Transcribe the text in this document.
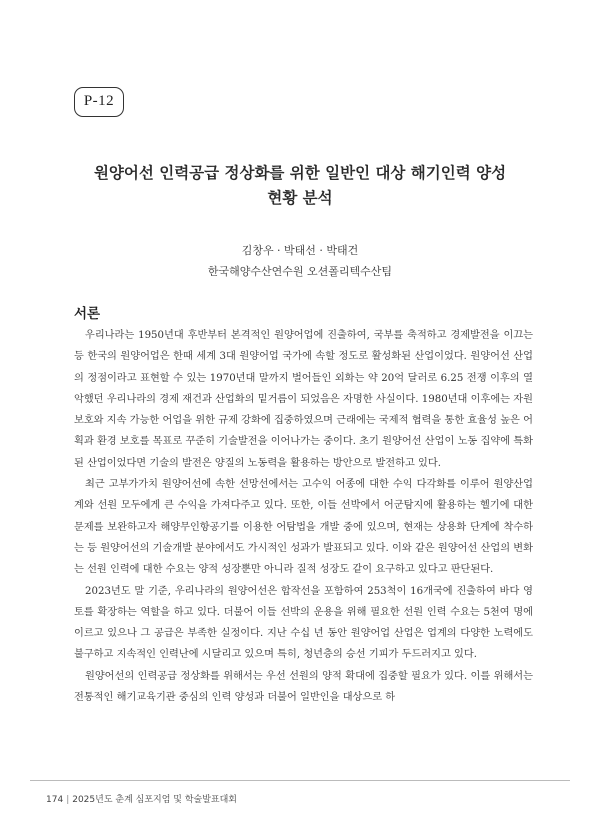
P-12
원양어선 인력공급 정상화를 위한 일반인 대상 해기인력 양성
현황 분석
김창우 · 박태선 · 박태건
한국해양수산연수원 오션폴리텍수산팀
서론

우리나라는 1950년대 후반부터 본격적인 원양어업에 진출하여, 국부를 축적하고 경제발전을 이끄는 등 한국의 원양어업은 한때 세계 3대 원양어업 국가에 속할 정도로 활성화된 산업이었다. 원양어선 산업의 정점이라고 표현할 수 있는 1970년대 말까지 벌어들인 외화는 약 20억 달러로 6.25 전쟁 이후의 열악했던 우리나라의 경제 재건과 산업화의 밑거름이 되었음은 자명한 사실이다. 1980년대 이후에는 자원 보호와 지속 가능한 어업을 위한 규제 강화에 집중하였으며 근래에는 국제적 협력을 통한 효율성 높은 어획과 환경 보호를 목표로 꾸준히 기술발전을 이어나가는 중이다. 초기 원양어선 산업이 노동 집약에 특화된 산업이었다면 기술의 발전은 양질의 노동력을 활용하는 방안으로 발전하고 있다.

최근 고부가가치 원양어선에 속한 선망선에서는 고수익 어종에 대한 수익 다각화를 이루어 원양산업계와 선원 모두에게 큰 수익을 가져다주고 있다. 또한, 이들 선박에서 어군탐지에 활용하는 헬기에 대한 문제를 보완하고자 해양무인항공기를 이용한 어탐법을 개발 중에 있으며, 현재는 상용화 단계에 착수하는 등 원양어선의 기술개발 분야에서도 가시적인 성과가 발표되고 있다. 이와 같은 원양어선 산업의 변화는 선원 인력에 대한 수요는 양적 성장뿐만 아니라 질적 성장도 같이 요구하고 있다고 판단된다.

2023년도 말 기준, 우리나라의 원양어선은 합작선을 포함하여 253척이 16개국에 진출하여 바다 영토를 확장하는 역할을 하고 있다. 더불어 이들 선박의 운용을 위해 필요한 선원 인력 수요는 5천여 명에 이르고 있으나 그 공급은 부족한 실정이다. 지난 수십 년 동안 원양어업 산업은 업계의 다양한 노력에도 불구하고 지속적인 인력난에 시달리고 있으며 특히, 청년층의 승선 기피가 두드러지고 있다.

원양어선의 인력공급 정상화를 위해서는 우선 선원의 양적 확대에 집중할 필요가 있다. 이를 위해서는 전통적인 해기교육기관 중심의 인력 양성과 더불어 일반인을 대상으로 하

174 | 2025년도 춘계 심포지엄 및 학술발표대회
